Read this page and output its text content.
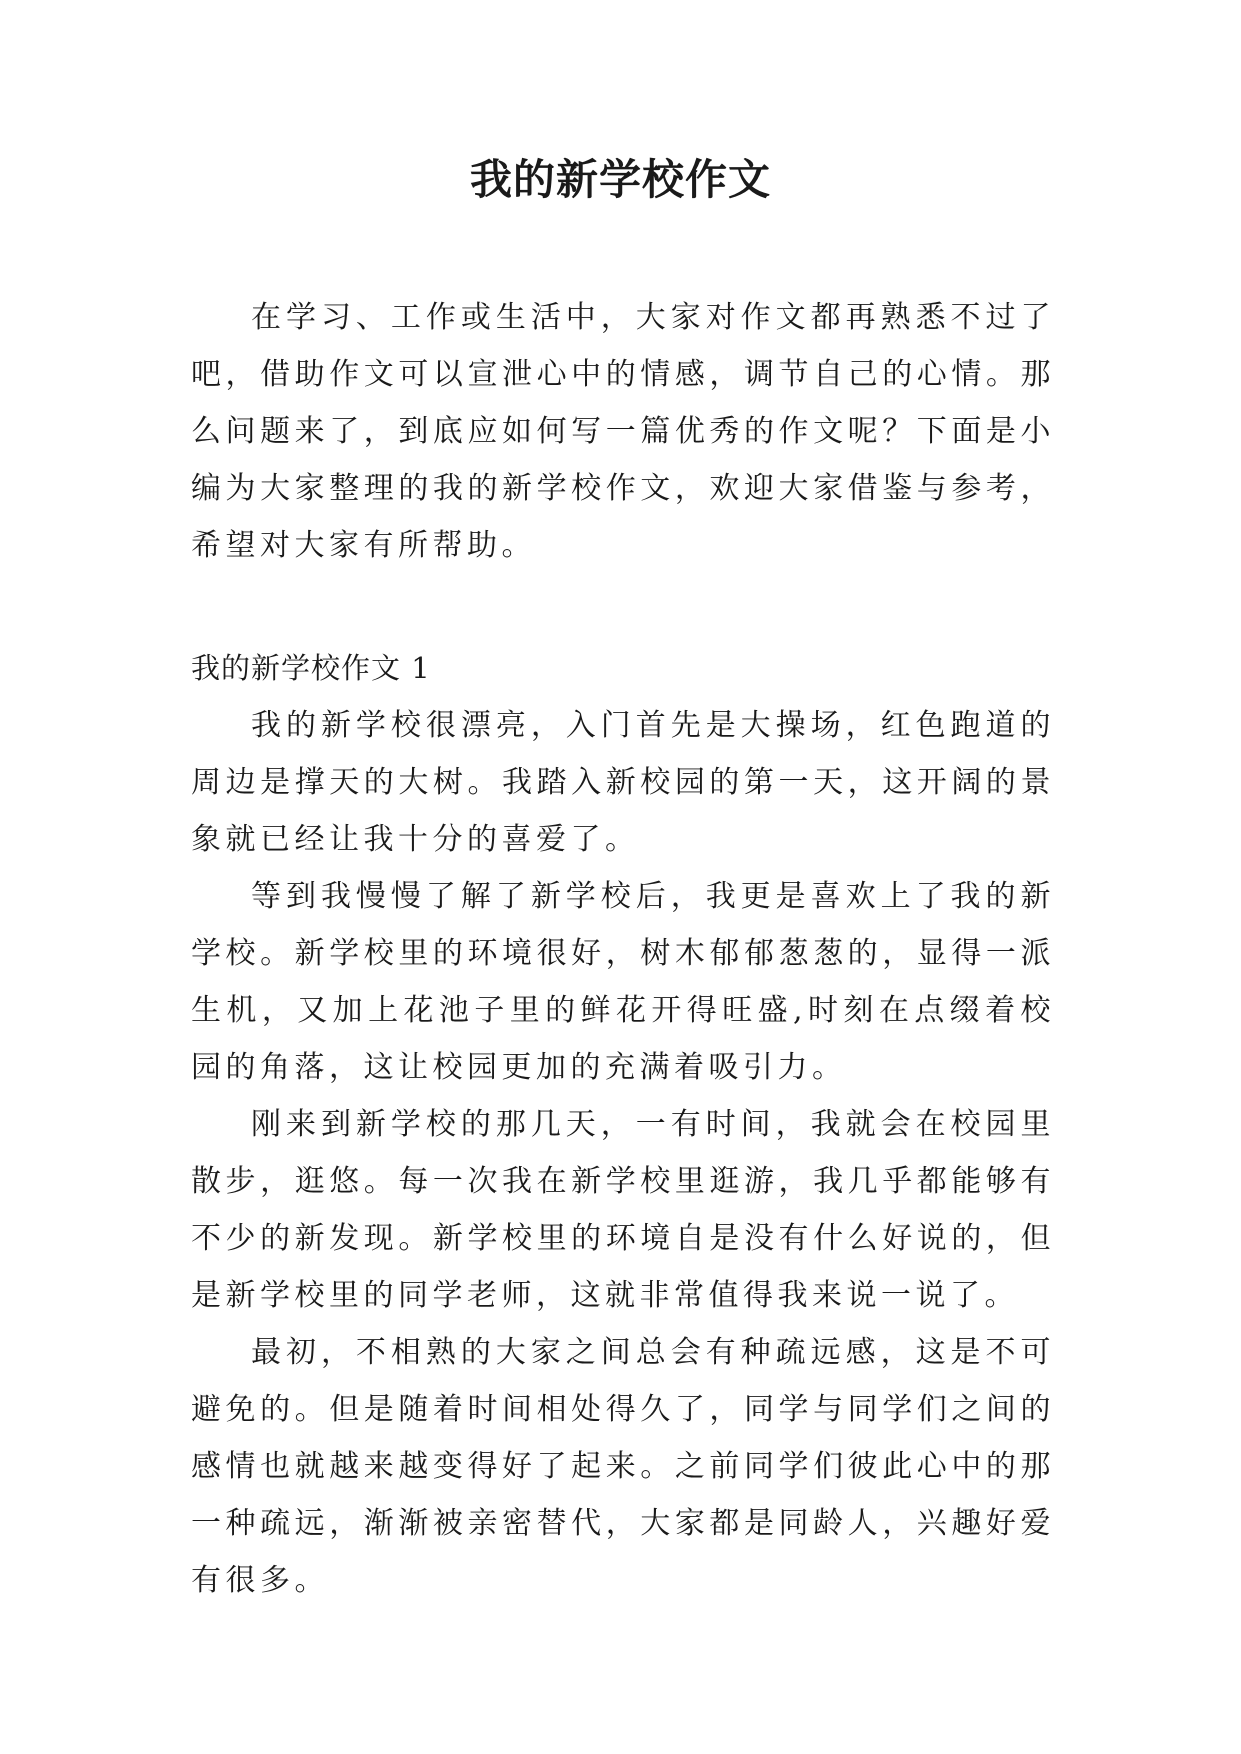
我的新学校作文

在学习、工作或生活中，大家对作文都再熟悉不过了吧，借助作文可以宣泄心中的情感，调节自己的心情。那么问题来了，到底应如何写一篇优秀的作文呢？下面是小编为大家整理的我的新学校作文，欢迎大家借鉴与参考，希望对大家有所帮助。

我的新学校作文 1

我的新学校很漂亮，入门首先是大操场，红色跑道的周边是撑天的大树。我踏入新校园的第一天，这开阔的景象就已经让我十分的喜爱了。

等到我慢慢了解了新学校后，我更是喜欢上了我的新学校。新学校里的环境很好，树木郁郁葱葱的，显得一派生机，又加上花池子里的鲜花开得旺盛,时刻在点缀着校园的角落，这让校园更加的充满着吸引力。

刚来到新学校的那几天，一有时间，我就会在校园里散步，逛悠。每一次我在新学校里逛游，我几乎都能够有不少的新发现。新学校里的环境自是没有什么好说的，但是新学校里的同学老师，这就非常值得我来说一说了。

最初，不相熟的大家之间总会有种疏远感，这是不可避免的。但是随着时间相处得久了，同学与同学们之间的感情也就越来越变得好了起来。之前同学们彼此心中的那一种疏远，渐渐被亲密替代，大家都是同龄人，兴趣好爱有很多。
